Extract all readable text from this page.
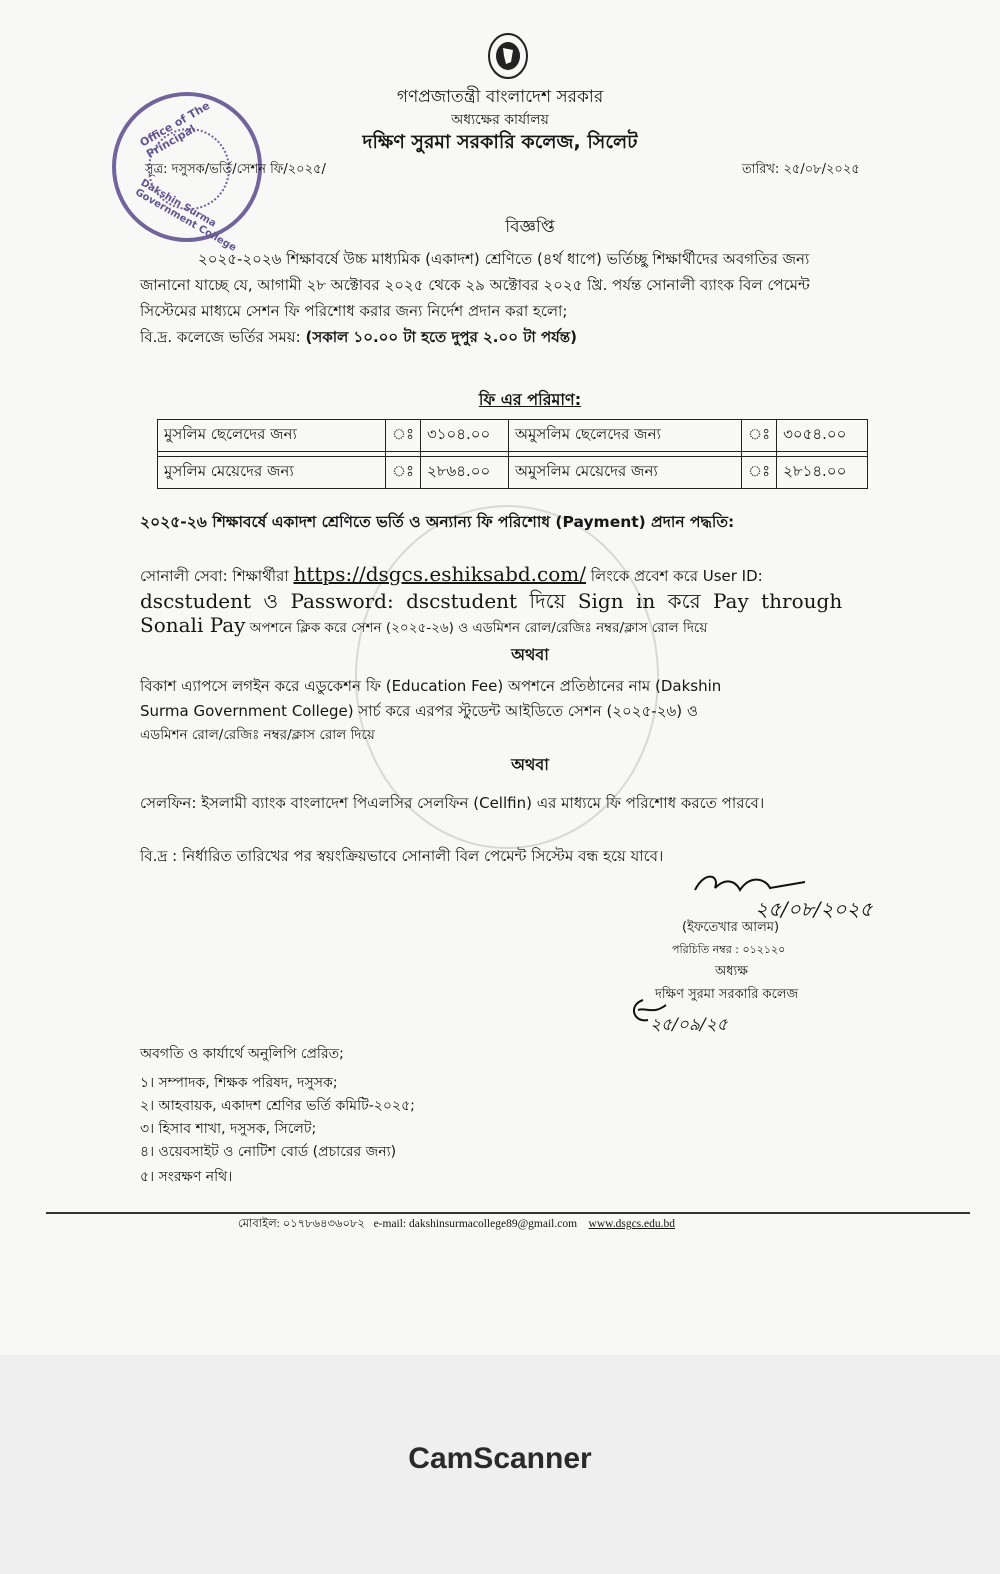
গণপ্রজাতন্ত্রী বাংলাদেশ সরকার
অধ্যক্ষের কার্যালয়
দক্ষিণ সুরমা সরকারি কলেজ, সিলেট
Office of The Principal
Dakshin Surma Government College
সূত্র: দসুসক/ভর্তি/সেশন ফি/২০২৫/	তারিখ: ২৫/০৮/২০২৫
বিজ্ঞপ্তি
২০২৫-২০২৬ শিক্ষাবর্ষে উচ্চ মাধ্যমিক (একাদশ) শ্রেণিতে (৪র্থ ধাপে) ভর্তিচ্ছু শিক্ষার্থীদের অবগতির জন্য
জানানো যাচ্ছে যে, আগামী ২৮ অক্টোবর ২০২৫ থেকে ২৯ অক্টোবর ২০২৫ খ্রি. পর্যন্ত সোনালী ব্যাংক বিল পেমেন্ট
সিস্টেমের মাধ্যমে সেশন ফি পরিশোধ করার জন্য নির্দেশ প্রদান করা হলো;
বি.দ্র. কলেজে ভর্তির সময়: (সকাল ১০.০০ টা হতে দুপুর ২.০০ টা পর্যন্ত)
ফি এর পরিমাণ:
মুসলিম ছেলেদের জন্য	ঃ	৩১০৪.০০	অমুসলিম ছেলেদের জন্য	ঃ	৩০৫৪.০০

মুসলিম মেয়েদের জন্য	ঃ	২৮৬৪.০০	অমুসলিম মেয়েদের জন্য	ঃ	২৮১৪.০০
২০২৫-২৬ শিক্ষাবর্ষে একাদশ শ্রেণিতে ভর্তি ও অন্যান্য ফি পরিশোধ (Payment) প্রদান পদ্ধতি:
সোনালী সেবা: শিক্ষার্থীরা https://dsgcs.eshiksabd.com/ লিংকে প্রবেশ করে User ID:
dscstudent ও Password: dscstudent দিয়ে Sign in করে Pay through
Sonali Pay অপশনে ক্লিক করে সেশন (২০২৫-২৬) ও এডমিশন রোল/রেজিঃ নম্বর/ক্লাস রোল দিয়ে
অথবা
বিকাশ এ্যাপসে লগইন করে এডুকেশন ফি (Education Fee) অপশনে প্রতিষ্ঠানের নাম (Dakshin
Surma Government College) সার্চ করে এরপর স্টুডেন্ট আইডিতে সেশন (২০২৫-২৬) ও
এডমিশন রোল/রেজিঃ নম্বর/ক্লাস রোল দিয়ে
অথবা
সেলফিন: ইসলামী ব্যাংক বাংলাদেশ পিএলসির সেলফিন (Cellfin) এর মাধ্যমে ফি পরিশোধ করতে পারবে।
বি.দ্র : নির্ধারিত তারিখের পর স্বয়ংক্রিয়ভাবে সোনালী বিল পেমেন্ট সিস্টেম বন্ধ হয়ে যাবে।
২৫/০৮/২০২৫
(ইফতেখার আলম)
পরিচিতি নম্বর : ০১২১২০
অধ্যক্ষ
দক্ষিণ সুরমা সরকারি কলেজ
২৫/০৯/২৫
অবগতি ও কার্যার্থে অনুলিপি প্রেরিত;
১। সম্পাদক, শিক্ষক পরিষদ, দসুসক;
২। আহবায়ক, একাদশ শ্রেণির ভর্তি কমিটি-২০২৫;
৩। হিসাব শাখা, দসুসক, সিলেট;
৪। ওয়েবসাইট ও নোটিশ বোর্ড (প্রচারের জন্য)
৫। সংরক্ষণ নথি।
মোবাইল: ০১৭৮৬৪৩৬০৮২ e-mail: dakshinsurmacollege89@gmail.com www.dsgcs.edu.bd
CamScanner
